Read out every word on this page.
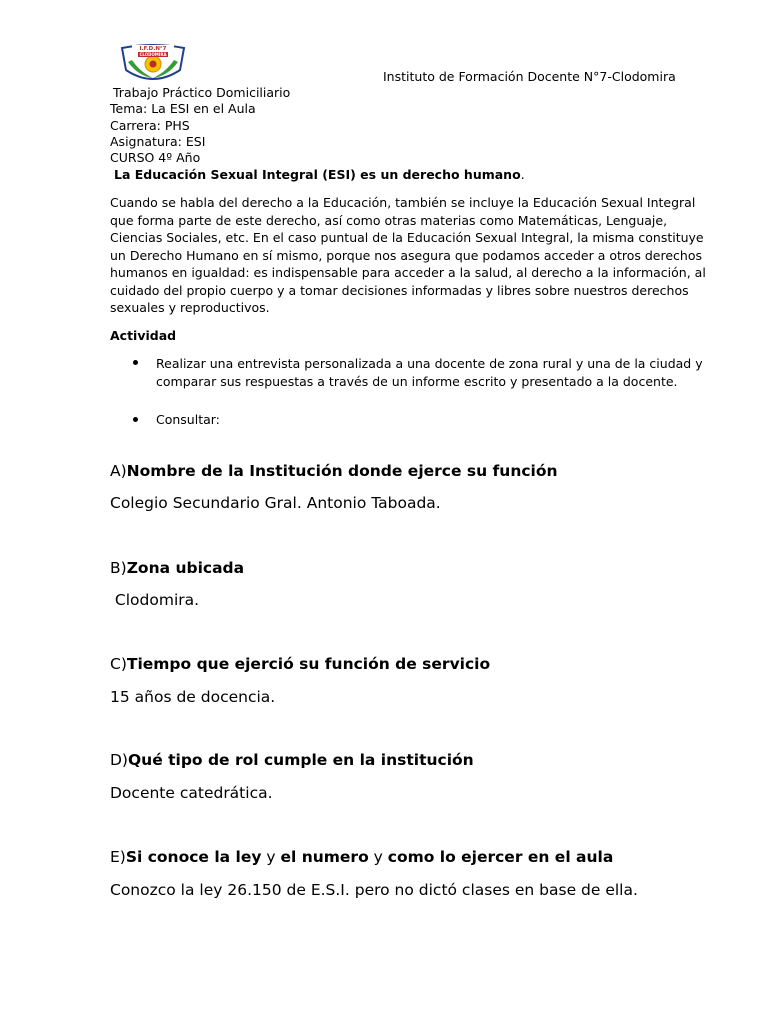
I.F.D.N°7
CLODOMIRA
Instituto de Formación Docente N°7-Clodomira
Trabajo Práctico Domiciliario
Tema: La ESI en el Aula
Carrera: PHS
Asignatura: ESI
CURSO 4º Año
La Educación Sexual Integral (ESI) es un derecho humano.
Cuando se habla del derecho a la Educación, también se incluye la Educación Sexual Integral
que forma parte de este derecho, así como otras materias como Matemáticas, Lenguaje,
Ciencias Sociales, etc. En el caso puntual de la Educación Sexual Integral, la misma constituye
un Derecho Humano en sí mismo, porque nos asegura que podamos acceder a otros derechos
humanos en igualdad: es indispensable para acceder a la salud, al derecho a la información, al
cuidado del propio cuerpo y a tomar decisiones informadas y libres sobre nuestros derechos
sexuales y reproductivos.
Actividad
Realizar una entrevista personalizada a una docente de zona rural y una de la ciudad y
comparar sus respuestas a través de un informe escrito y presentado a la docente.
Consultar:
A)Nombre de la Institución donde ejerce su función
Colegio Secundario Gral. Antonio Taboada.
B)Zona ubicada
Clodomira.
C)Tiempo que ejerció su función de servicio
15 años de docencia.
D)Qué tipo de rol cumple en la institución
Docente catedrática.
E)Si conoce la ley y el numero y como lo ejercer en el aula
Conozco la ley 26.150 de E.S.I. pero no dictó clases en base de ella.
